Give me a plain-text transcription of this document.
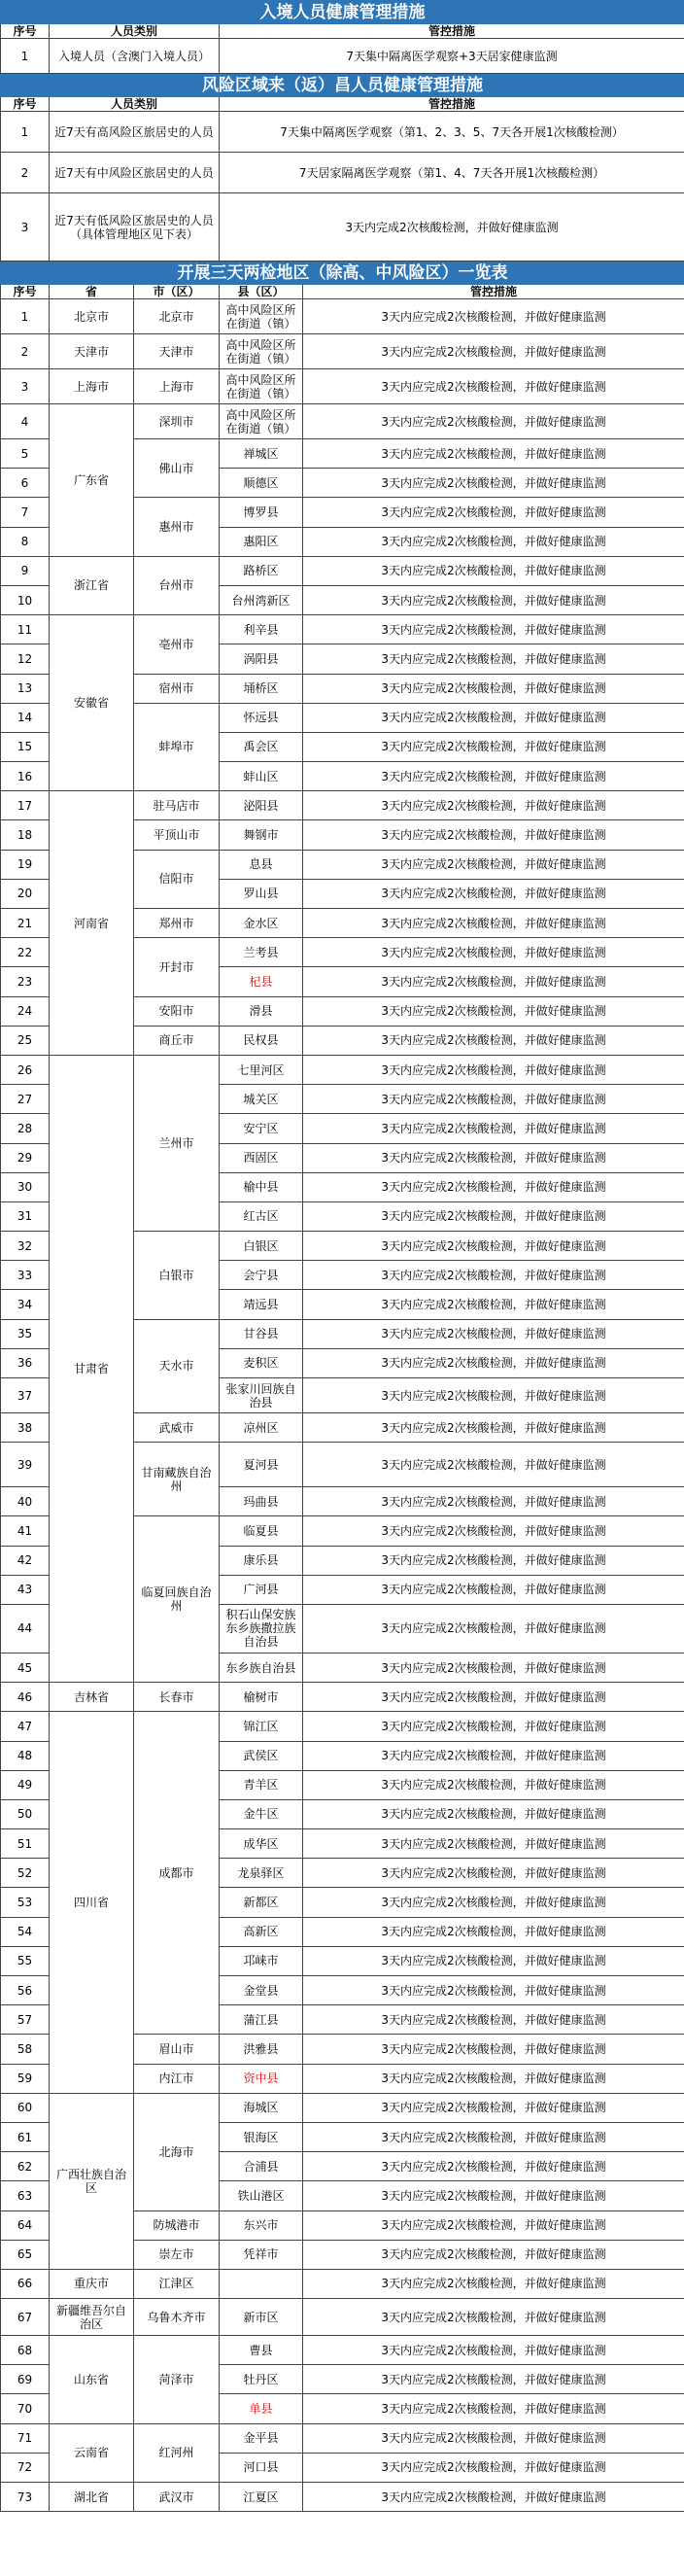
入境人员健康管理措施				
序号	人员类别		管控措施	
1	入境人员（含澳门入境人员）		7天集中隔离医学观察+3天居家健康监测	
风险区域来（返）昌人员健康管理措施				
序号	人员类别		管控措施	
1	近7天有高风险区旅居史的人员		7天集中隔离医学观察（第1、2、3、5、7天各开展1次核酸检测）	
2	近7天有中风险区旅居史的人员		7天居家隔离医学观察（第1、4、7天各开展1次核酸检测）	
3	近7天有低风险区旅居史的人员（具体管理地区见下表）		3天内完成2次核酸检测，并做好健康监测	
开展三天两检地区（除高、中风险区）一览表				
序号	省	市（区）	县（区）	管控措施
1	北京市	北京市	高中风险区所在街道（镇）	3天内应完成2次核酸检测，并做好健康监测
2	天津市	天津市	高中风险区所在街道（镇）	3天内应完成2次核酸检测，并做好健康监测
3	上海市	上海市	高中风险区所在街道（镇）	3天内应完成2次核酸检测，并做好健康监测
4	广东省	深圳市	高中风险区所在街道（镇）	3天内应完成2次核酸检测，并做好健康监测
5		佛山市	禅城区	3天内应完成2次核酸检测，并做好健康监测
6			顺德区	3天内应完成2次核酸检测，并做好健康监测
7		惠州市	博罗县	3天内应完成2次核酸检测，并做好健康监测
8			惠阳区	3天内应完成2次核酸检测，并做好健康监测
9	浙江省	台州市	路桥区	3天内应完成2次核酸检测，并做好健康监测
10			台州湾新区	3天内应完成2次核酸检测，并做好健康监测
11	安徽省	亳州市	利辛县	3天内应完成2次核酸检测，并做好健康监测
12			涡阳县	3天内应完成2次核酸检测，并做好健康监测
13		宿州市	埇桥区	3天内应完成2次核酸检测，并做好健康监测
14		蚌埠市	怀远县	3天内应完成2次核酸检测，并做好健康监测
15			禹会区	3天内应完成2次核酸检测，并做好健康监测
16			蚌山区	3天内应完成2次核酸检测，并做好健康监测
17	河南省	驻马店市	泌阳县	3天内应完成2次核酸检测，并做好健康监测
18		平顶山市	舞钢市	3天内应完成2次核酸检测，并做好健康监测
19		信阳市	息县	3天内应完成2次核酸检测，并做好健康监测
20			罗山县	3天内应完成2次核酸检测，并做好健康监测
21		郑州市	金水区	3天内应完成2次核酸检测，并做好健康监测
22		开封市	兰考县	3天内应完成2次核酸检测，并做好健康监测
23			杞县	3天内应完成2次核酸检测，并做好健康监测
24		安阳市	滑县	3天内应完成2次核酸检测，并做好健康监测
25		商丘市	民权县	3天内应完成2次核酸检测，并做好健康监测
26	甘肃省	兰州市	七里河区	3天内应完成2次核酸检测，并做好健康监测
27			城关区	3天内应完成2次核酸检测，并做好健康监测
28			安宁区	3天内应完成2次核酸检测，并做好健康监测
29			西固区	3天内应完成2次核酸检测，并做好健康监测
30			榆中县	3天内应完成2次核酸检测，并做好健康监测
31			红古区	3天内应完成2次核酸检测，并做好健康监测
32		白银市	白银区	3天内应完成2次核酸检测，并做好健康监测
33			会宁县	3天内应完成2次核酸检测，并做好健康监测
34			靖远县	3天内应完成2次核酸检测，并做好健康监测
35		天水市	甘谷县	3天内应完成2次核酸检测，并做好健康监测
36			麦积区	3天内应完成2次核酸检测，并做好健康监测
37			张家川回族自治县	3天内应完成2次核酸检测，并做好健康监测
38		武威市	凉州区	3天内应完成2次核酸检测，并做好健康监测
39		甘南藏族自治州	夏河县	3天内应完成2次核酸检测，并做好健康监测
40			玛曲县	3天内应完成2次核酸检测，并做好健康监测
41		临夏回族自治州	临夏县	3天内应完成2次核酸检测，并做好健康监测
42			康乐县	3天内应完成2次核酸检测，并做好健康监测
43			广河县	3天内应完成2次核酸检测，并做好健康监测
44			积石山保安族东乡族撒拉族自治县	3天内应完成2次核酸检测，并做好健康监测
45			东乡族自治县	3天内应完成2次核酸检测，并做好健康监测
46	吉林省	长春市	榆树市	3天内应完成2次核酸检测，并做好健康监测
47	四川省	成都市	锦江区	3天内应完成2次核酸检测，并做好健康监测
48			武侯区	3天内应完成2次核酸检测，并做好健康监测
49			青羊区	3天内应完成2次核酸检测，并做好健康监测
50			金牛区	3天内应完成2次核酸检测，并做好健康监测
51			成华区	3天内应完成2次核酸检测，并做好健康监测
52			龙泉驿区	3天内应完成2次核酸检测，并做好健康监测
53			新都区	3天内应完成2次核酸检测，并做好健康监测
54			高新区	3天内应完成2次核酸检测，并做好健康监测
55			邛崃市	3天内应完成2次核酸检测，并做好健康监测
56			金堂县	3天内应完成2次核酸检测，并做好健康监测
57			蒲江县	3天内应完成2次核酸检测，并做好健康监测
58		眉山市	洪雅县	3天内应完成2次核酸检测，并做好健康监测
59		内江市	资中县	3天内应完成2次核酸检测，并做好健康监测
60	广西壮族自治区	北海市	海城区	3天内应完成2次核酸检测，并做好健康监测
61			银海区	3天内应完成2次核酸检测，并做好健康监测
62			合浦县	3天内应完成2次核酸检测，并做好健康监测
63			铁山港区	3天内应完成2次核酸检测，并做好健康监测
64		防城港市	东兴市	3天内应完成2次核酸检测，并做好健康监测
65		崇左市	凭祥市	3天内应完成2次核酸检测，并做好健康监测
66	重庆市	江津区		3天内应完成2次核酸检测，并做好健康监测
67	新疆维吾尔自治区	乌鲁木齐市	新市区	3天内应完成2次核酸检测，并做好健康监测
68	山东省	菏泽市	曹县	3天内应完成2次核酸检测，并做好健康监测
69			牡丹区	3天内应完成2次核酸检测，并做好健康监测
70			单县	3天内应完成2次核酸检测，并做好健康监测
71	云南省	红河州	金平县	3天内应完成2次核酸检测，并做好健康监测
72			河口县	3天内应完成2次核酸检测，并做好健康监测
73	湖北省	武汉市	江夏区	3天内应完成2次核酸检测，并做好健康监测
